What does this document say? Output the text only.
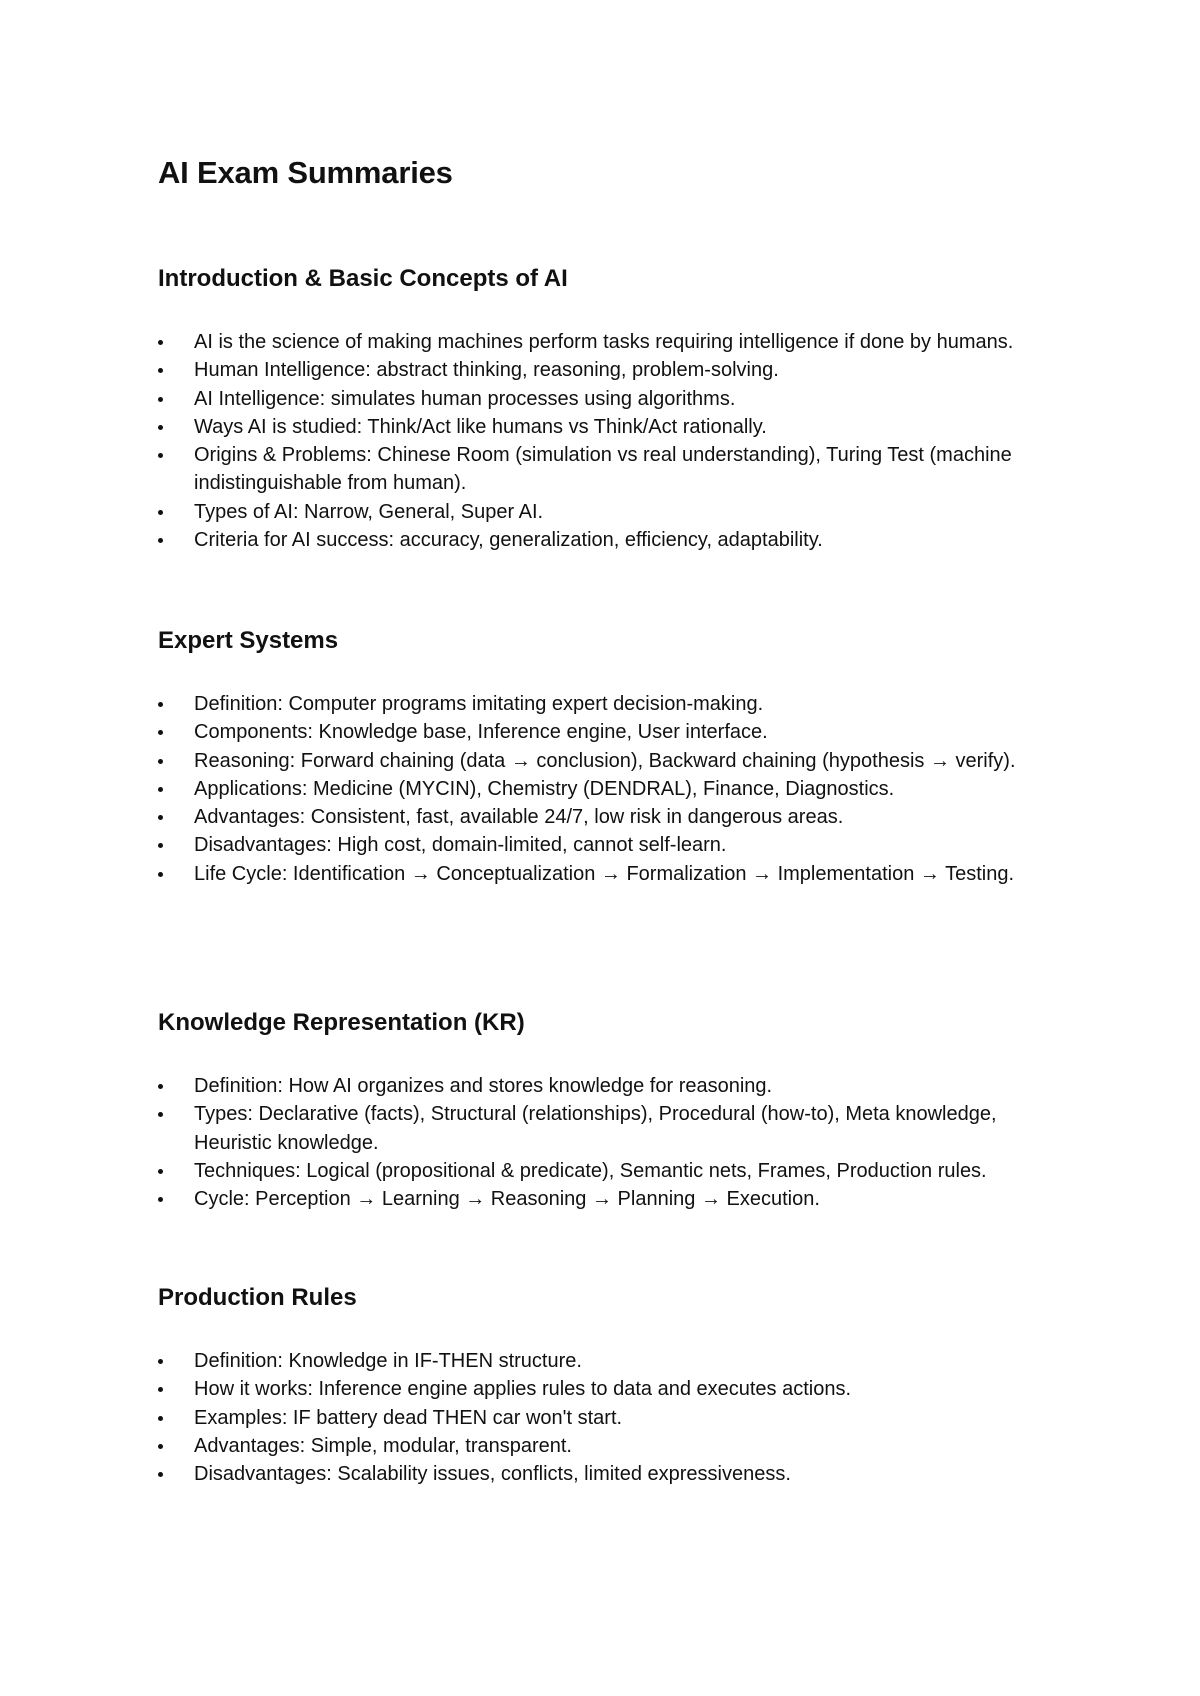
AI Exam Summaries
Introduction & Basic Concepts of AI
AI is the science of making machines perform tasks requiring intelligence if done by humans.
Human Intelligence: abstract thinking, reasoning, problem-solving.
AI Intelligence: simulates human processes using algorithms.
Ways AI is studied: Think/Act like humans vs Think/Act rationally.
Origins & Problems: Chinese Room (simulation vs real understanding), Turing Test (machine indistinguishable from human).
Types of AI: Narrow, General, Super AI.
Criteria for AI success: accuracy, generalization, efficiency, adaptability.
Expert Systems
Definition: Computer programs imitating expert decision-making.
Components: Knowledge base, Inference engine, User interface.
Reasoning: Forward chaining (data → conclusion), Backward chaining (hypothesis → verify).
Applications: Medicine (MYCIN), Chemistry (DENDRAL), Finance, Diagnostics.
Advantages: Consistent, fast, available 24/7, low risk in dangerous areas.
Disadvantages: High cost, domain-limited, cannot self-learn.
Life Cycle: Identification → Conceptualization → Formalization → Implementation → Testing.
Knowledge Representation (KR)
Definition: How AI organizes and stores knowledge for reasoning.
Types: Declarative (facts), Structural (relationships), Procedural (how-to), Meta knowledge, Heuristic knowledge.
Techniques: Logical (propositional & predicate), Semantic nets, Frames, Production rules.
Cycle: Perception → Learning → Reasoning → Planning → Execution.
Production Rules
Definition: Knowledge in IF-THEN structure.
How it works: Inference engine applies rules to data and executes actions.
Examples: IF battery dead THEN car won't start.
Advantages: Simple, modular, transparent.
Disadvantages: Scalability issues, conflicts, limited expressiveness.
